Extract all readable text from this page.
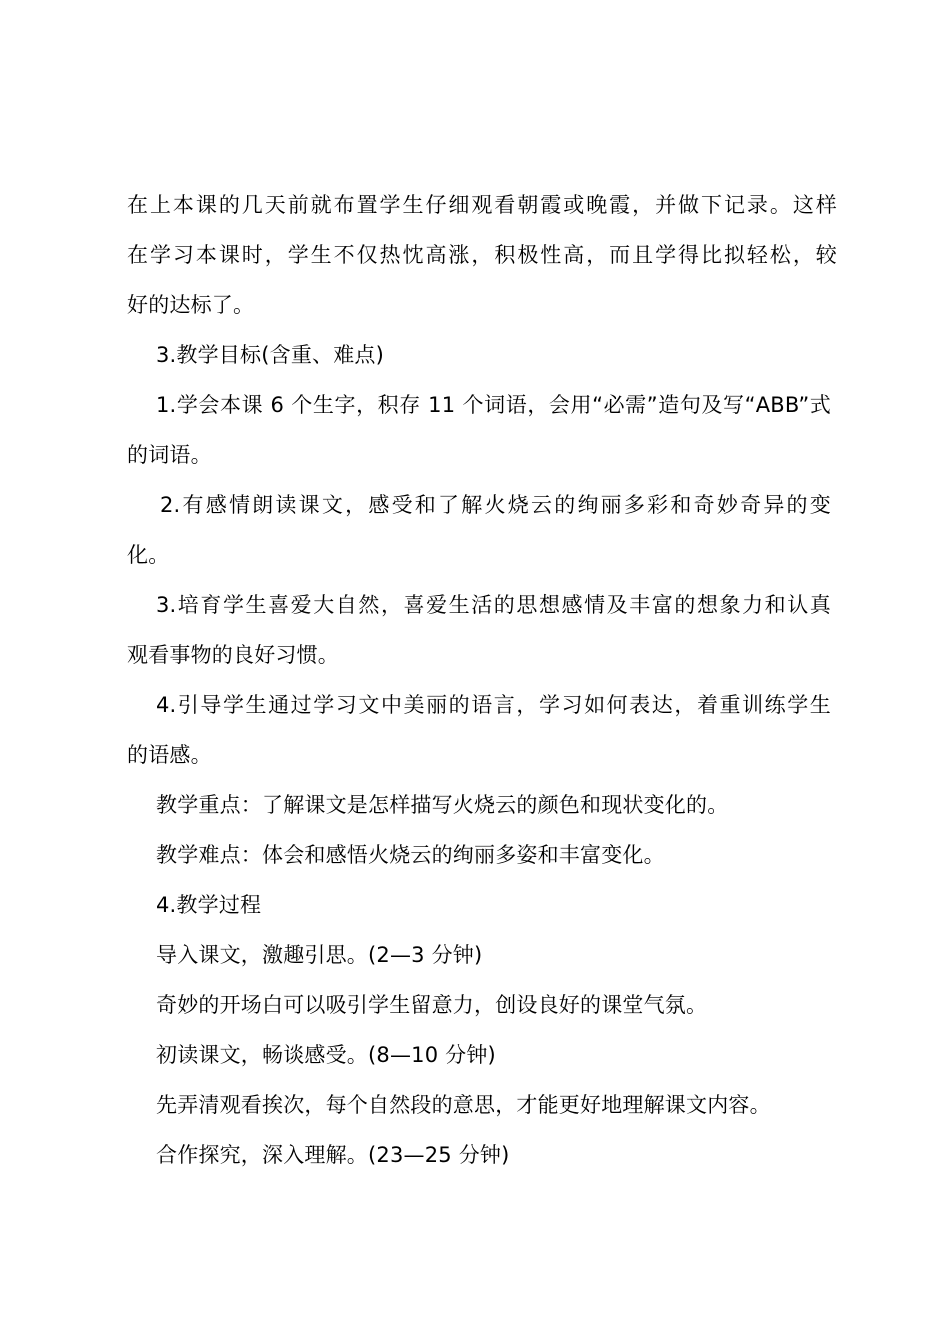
在上本课的几天前就布置学生仔细观看朝霞或晚霞，并做下记录。这样
在学习本课时，学生不仅热忱高涨，积极性高，而且学得比拟轻松，较
好的达标了。
3.教学目标(含重、难点)
1.学会本课 6 个生字，积存 11 个词语，会用“必需”造句及写“ABB”式
的词语。
2.有感情朗读课文，感受和了解火烧云的绚丽多彩和奇妙奇异的变
化。
3.培育学生喜爱大自然，喜爱生活的思想感情及丰富的想象力和认真
观看事物的良好习惯。
4.引导学生通过学习文中美丽的语言，学习如何表达，着重训练学生
的语感。
教学重点：了解课文是怎样描写火烧云的颜色和现状变化的。
教学难点：体会和感悟火烧云的绚丽多姿和丰富变化。
4.教学过程
导入课文，激趣引思。(2—3 分钟)
奇妙的开场白可以吸引学生留意力，创设良好的课堂气氛。
初读课文，畅谈感受。(8—10 分钟)
先弄清观看挨次，每个自然段的意思，才能更好地理解课文内容。
合作探究，深入理解。(23—25 分钟)
